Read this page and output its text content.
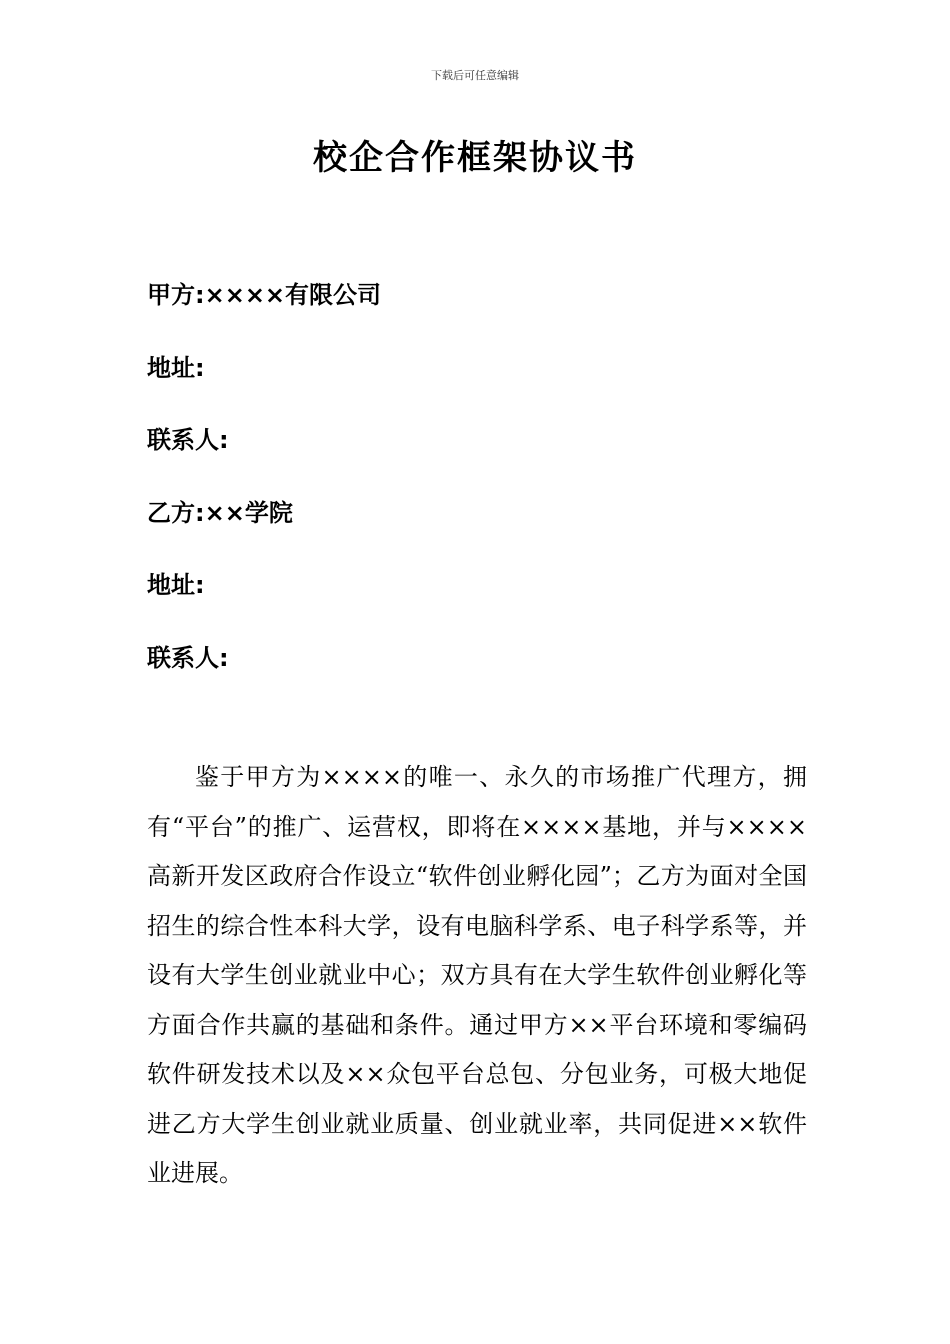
下载后可任意编辑
校企合作框架协议书
甲方:××××有限公司
地址:
联系人:
乙方:××学院
地址:
联系人:

鉴于甲方为××××的唯一、永久的市场推广代理方，拥有“平台”的推广、运营权，即将在××××基地，并与××××高新开发区政府合作设立“软件创业孵化园”；乙方为面对全国招生的综合性本科大学，设有电脑科学系、电子科学系等，并设有大学生创业就业中心；双方具有在大学生软件创业孵化等方面合作共赢的基础和条件。通过甲方××平台环境和零编码软件研发技术以及××众包平台总包、分包业务，可极大地促进乙方大学生创业就业质量、创业就业率，共同促进××软件业进展。
